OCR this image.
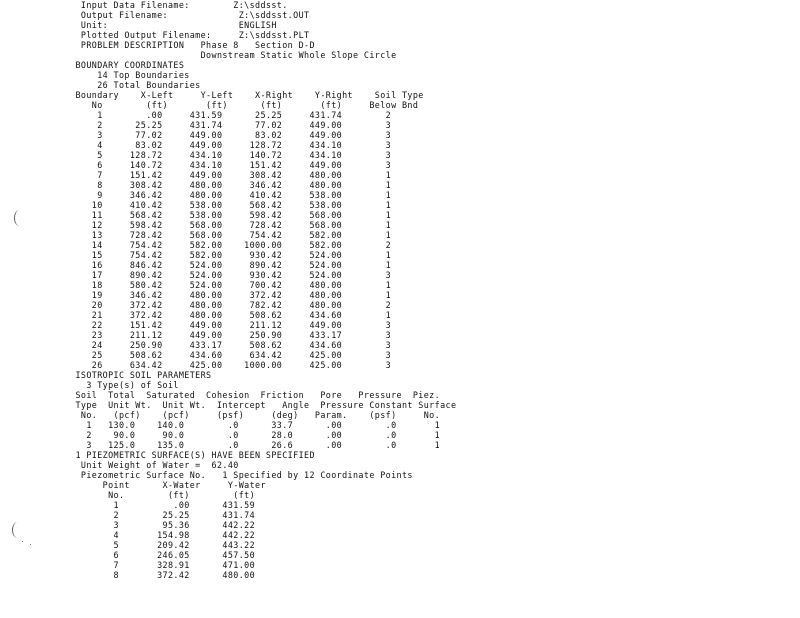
Input Data Filename:        Z:\sddsst.
Output Filename:             Z:\sddsst.OUT
Unit:                        ENGLISH
Plotted Output Filename:     Z:\sddsst.PLT
PROBLEM DESCRIPTION   Phase 8   Section D-D
Downstream Static Whole Slope Circle
BOUNDARY COORDINATES
14 Top Boundaries
26 Total Boundaries
Boundary    X-Left     Y-Left    X-Right    Y-Right    Soil Type
No        (ft)       (ft)      (ft)       (ft)     Below Bnd
1        .00     431.59      25.25     431.74        2
2      25.25     431.74      77.02     449.00        3
3      77.02     449.00      83.02     449.00        3
4      83.02     449.00     128.72     434.10        3
5     128.72     434.10     140.72     434.10        3
6     140.72     434.10     151.42     449.00        3
7     151.42     449.00     308.42     480.00        1
8     308.42     480.00     346.42     480.00        1
9     346.42     480.00     410.42     538.00        1
10     410.42     538.00     568.42     538.00        1
11     568.42     538.00     598.42     568.00        1
12     598.42     568.00     728.42     568.00        1
13     728.42     568.00     754.42     582.00        1
14     754.42     582.00    1000.00     582.00        2
15     754.42     582.00     930.42     524.00        1
16     846.42     524.00     890.42     524.00        1
17     890.42     524.00     930.42     524.00        3
18     580.42     524.00     700.42     480.00        1
19     346.42     480.00     372.42     480.00        1
20     372.42     480.00     782.42     480.00        2
21     372.42     480.00     508.62     434.60        1
22     151.42     449.00     211.12     449.00        3
23     211.12     449.00     250.90     433.17        3
24     250.90     433.17     508.62     434.60        3
25     508.62     434.60     634.42     425.00        3
26     634.42     425.00    1000.00     425.00        3
ISOTROPIC SOIL PARAMETERS
3 Type(s) of Soil
Soil  Total  Saturated  Cohesion  Friction   Pore   Pressure  Piez.
Type  Unit Wt.  Unit Wt.  Intercept   Angle  Pressure Constant Surface
No.   (pcf)    (pcf)     (psf)     (deg)   Param.    (psf)     No.
1   130.0    140.0        .0      33.7      .00        .0       1
2    90.0     90.0        .0      28.0      .00        .0       1
3   125.0    135.0        .0      26.6      .00        .0       1
1 PIEZOMETRIC SURFACE(S) HAVE BEEN SPECIFIED
Unit Weight of Water =  62.40
Piezometric Surface No.   1 Specified by 12 Coordinate Points
Point      X-Water     Y-Water
No.        (ft)        (ft)
1          .00      431.59
2        25.25      431.74
3        95.36      442.22
4       154.98      442.22
5       209.42      443.22
6       246.05      457.50
7       328.91      471.00
8       372.42      480.00
